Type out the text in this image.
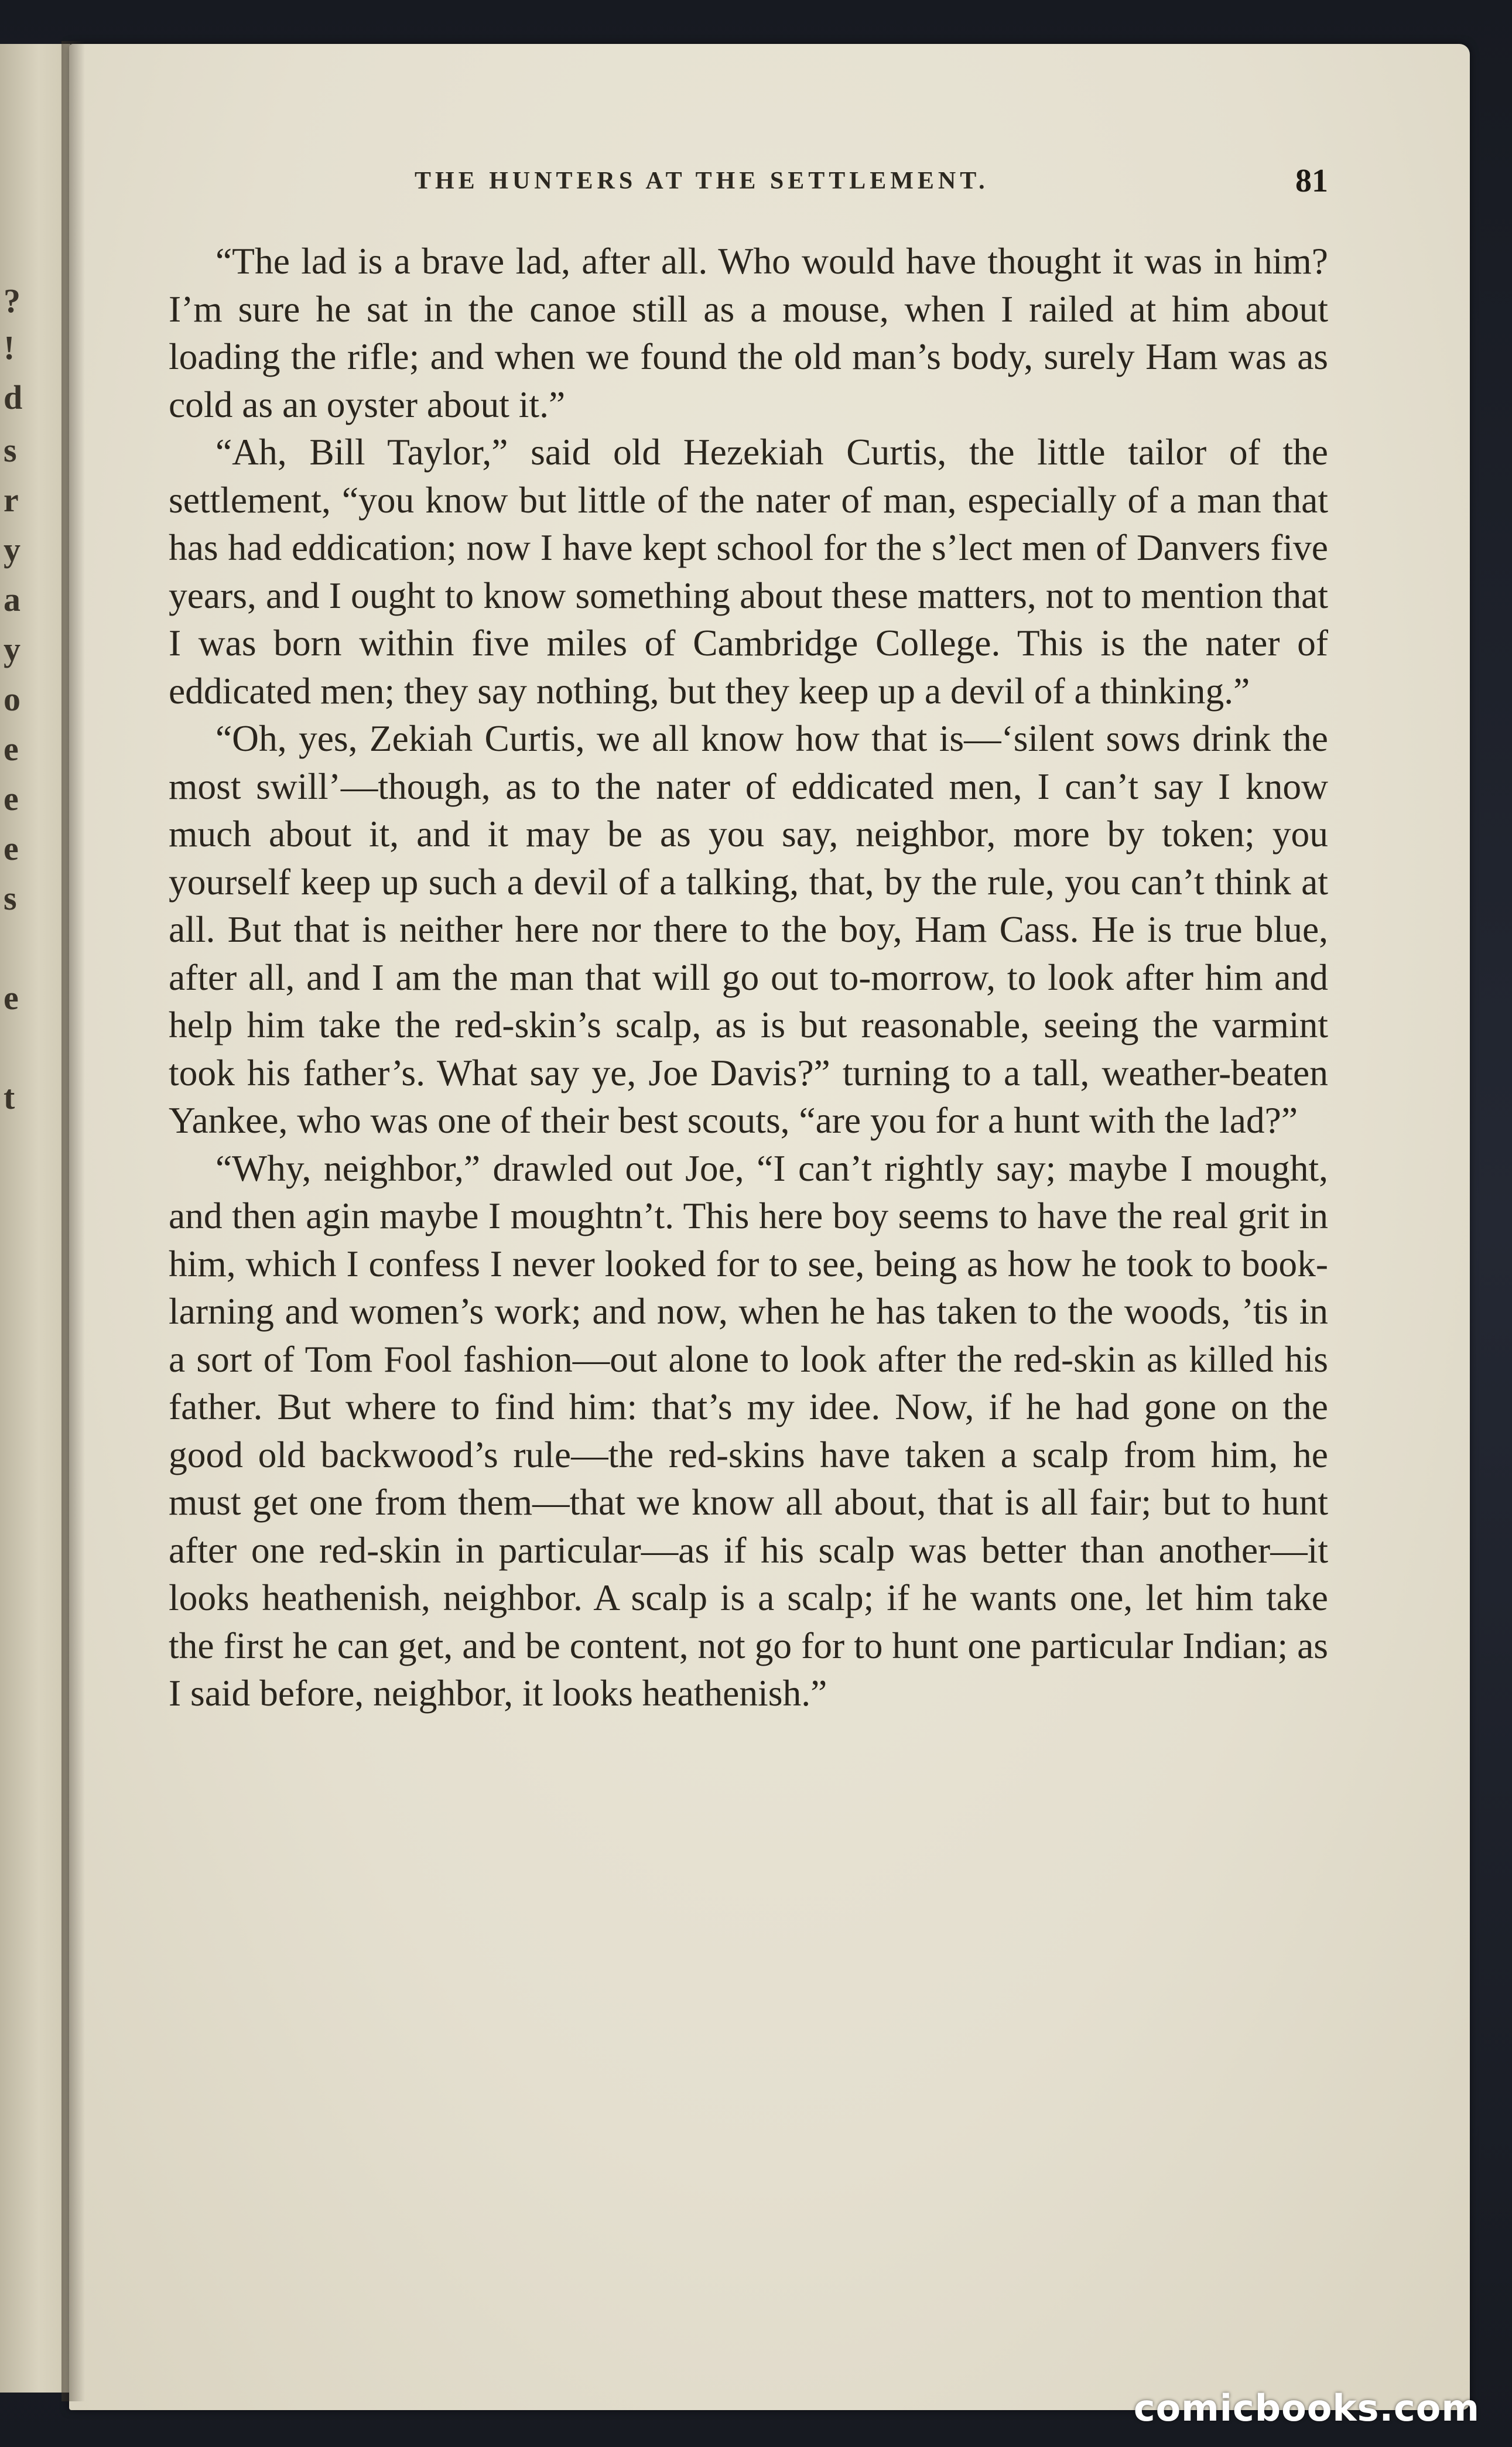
?
!
d
s
r
y
a
y
o
e
e
e
s
e
t
THE HUNTERS AT THE SETTLEMENT.	81

“The lad is a brave lad, after all. Who would have thought it was in him? I’m sure he sat in the canoe still as a mouse, when I railed at him about loading the rifle; and when we found the old man’s body, surely Ham was as cold as an oyster about it.”

“Ah, Bill Taylor,” said old Hezekiah Curtis, the little tailor of the settlement, “you know but little of the nater of man, especially of a man that has had eddication; now I have kept school for the s’lect men of Danvers five years, and I ought to know something about these matters, not to mention that I was born within five miles of Cambridge College. This is the nater of eddicated men; they say nothing, but they keep up a devil of a thinking.”

“Oh, yes, Zekiah Curtis, we all know how that is—‘silent sows drink the most swill’—though, as to the nater of eddicated men, I can’t say I know much about it, and it may be as you say, neighbor, more by token; you yourself keep up such a devil of a talking, that, by the rule, you can’t think at all. But that is neither here nor there to the boy, Ham Cass. He is true blue, after all, and I am the man that will go out to-morrow, to look after him and help him take the red-skin’s scalp, as is but reasonable, seeing the varmint took his father’s. What say ye, Joe Davis?” turning to a tall, weather-beaten Yankee, who was one of their best scouts, “are you for a hunt with the lad?”

“Why, neighbor,” drawled out Joe, “I can’t rightly say; maybe I mought, and then agin maybe I moughtn’t. This here boy seems to have the real grit in him, which I confess I never looked for to see, being as how he took to book-larning and women’s work; and now, when he has taken to the woods, ’tis in a sort of Tom Fool fashion—out alone to look after the red-skin as killed his father. But where to find him: that’s my idee. Now, if he had gone on the good old backwood’s rule—the red-skins have taken a scalp from him, he must get one from them—that we know all about, that is all fair; but to hunt after one red-skin in particular—as if his scalp was better than another—it looks heathenish, neighbor. A scalp is a scalp; if he wants one, let him take the first he can get, and be content, not go for to hunt one particular Indian; as I said before, neighbor, it looks heathenish.”

comicbooks.com
